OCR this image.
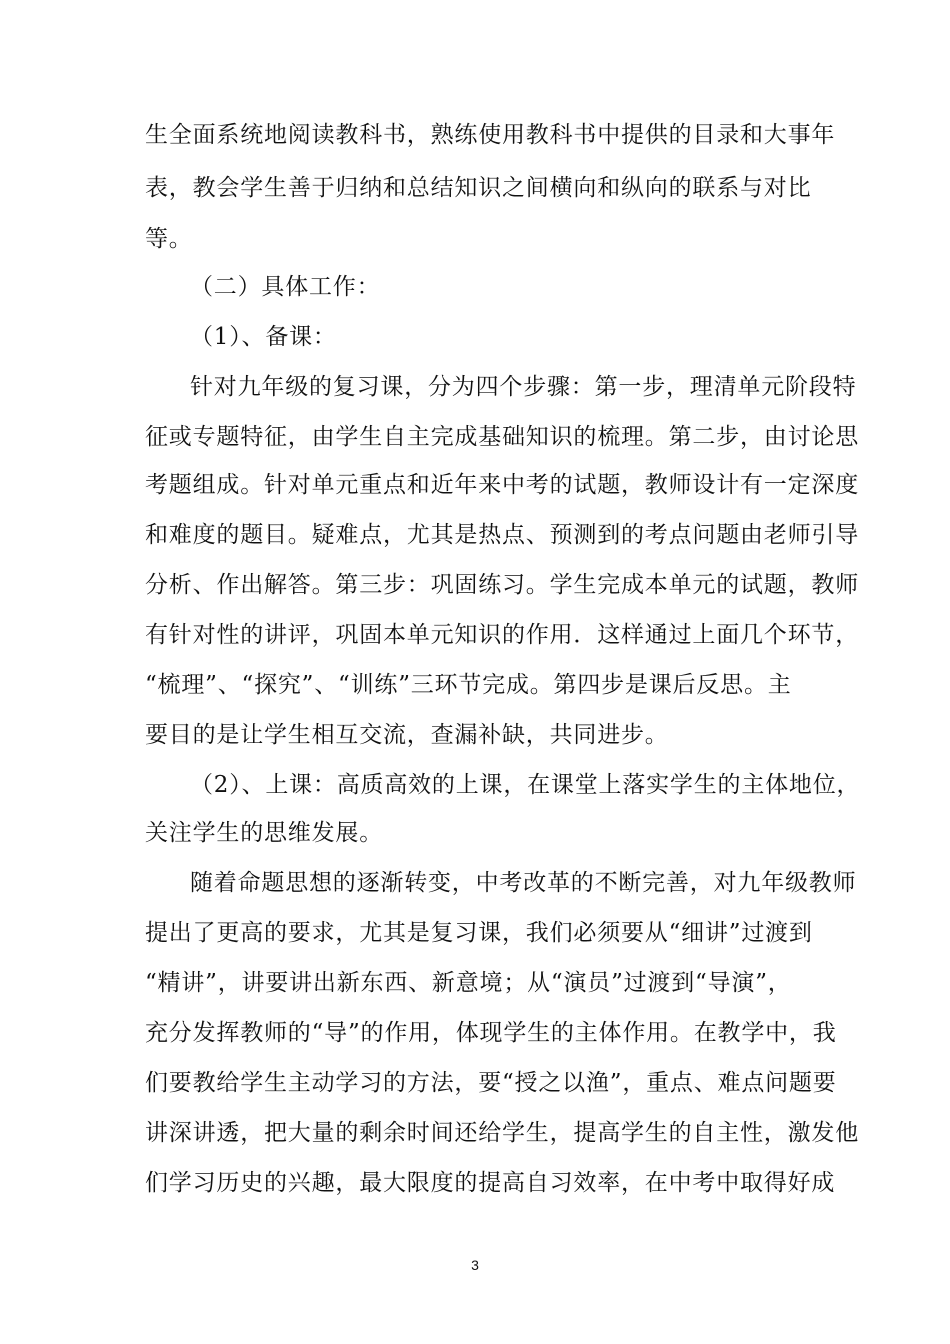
生全面系统地阅读教科书，熟练使用教科书中提供的目录和大事年
表，教会学生善于归纳和总结知识之间横向和纵向的联系与对比
等。
（二）具体工作：
（1）、备课：
针对九年级的复习课，分为四个步骤：第一步，理清单元阶段特
征或专题特征，由学生自主完成基础知识的梳理。第二步，由讨论思
考题组成。针对单元重点和近年来中考的试题，教师设计有一定深度
和难度的题目。疑难点，尤其是热点、预测到的考点问题由老师引导
分析、作出解答。第三步：巩固练习。学生完成本单元的试题，教师
有针对性的讲评，巩固本单元知识的作用．这样通过上面几个环节，
“梳理”、“探究”、“训练”三环节完成。第四步是课后反思。主
要目的是让学生相互交流，查漏补缺，共同进步。
（2）、上课：高质高效的上课，在课堂上落实学生的主体地位，
关注学生的思维发展。
随着命题思想的逐渐转变，中考改革的不断完善，对九年级教师
提出了更高的要求，尤其是复习课，我们必须要从“细讲”过渡到
“精讲”，讲要讲出新东西、新意境；从“演员”过渡到“导演”，
充分发挥教师的“导”的作用，体现学生的主体作用。在教学中，我
们要教给学生主动学习的方法，要“授之以渔”，重点、难点问题要
讲深讲透，把大量的剩余时间还给学生，提高学生的自主性，激发他
们学习历史的兴趣，最大限度的提高自习效率，在中考中取得好成
3
